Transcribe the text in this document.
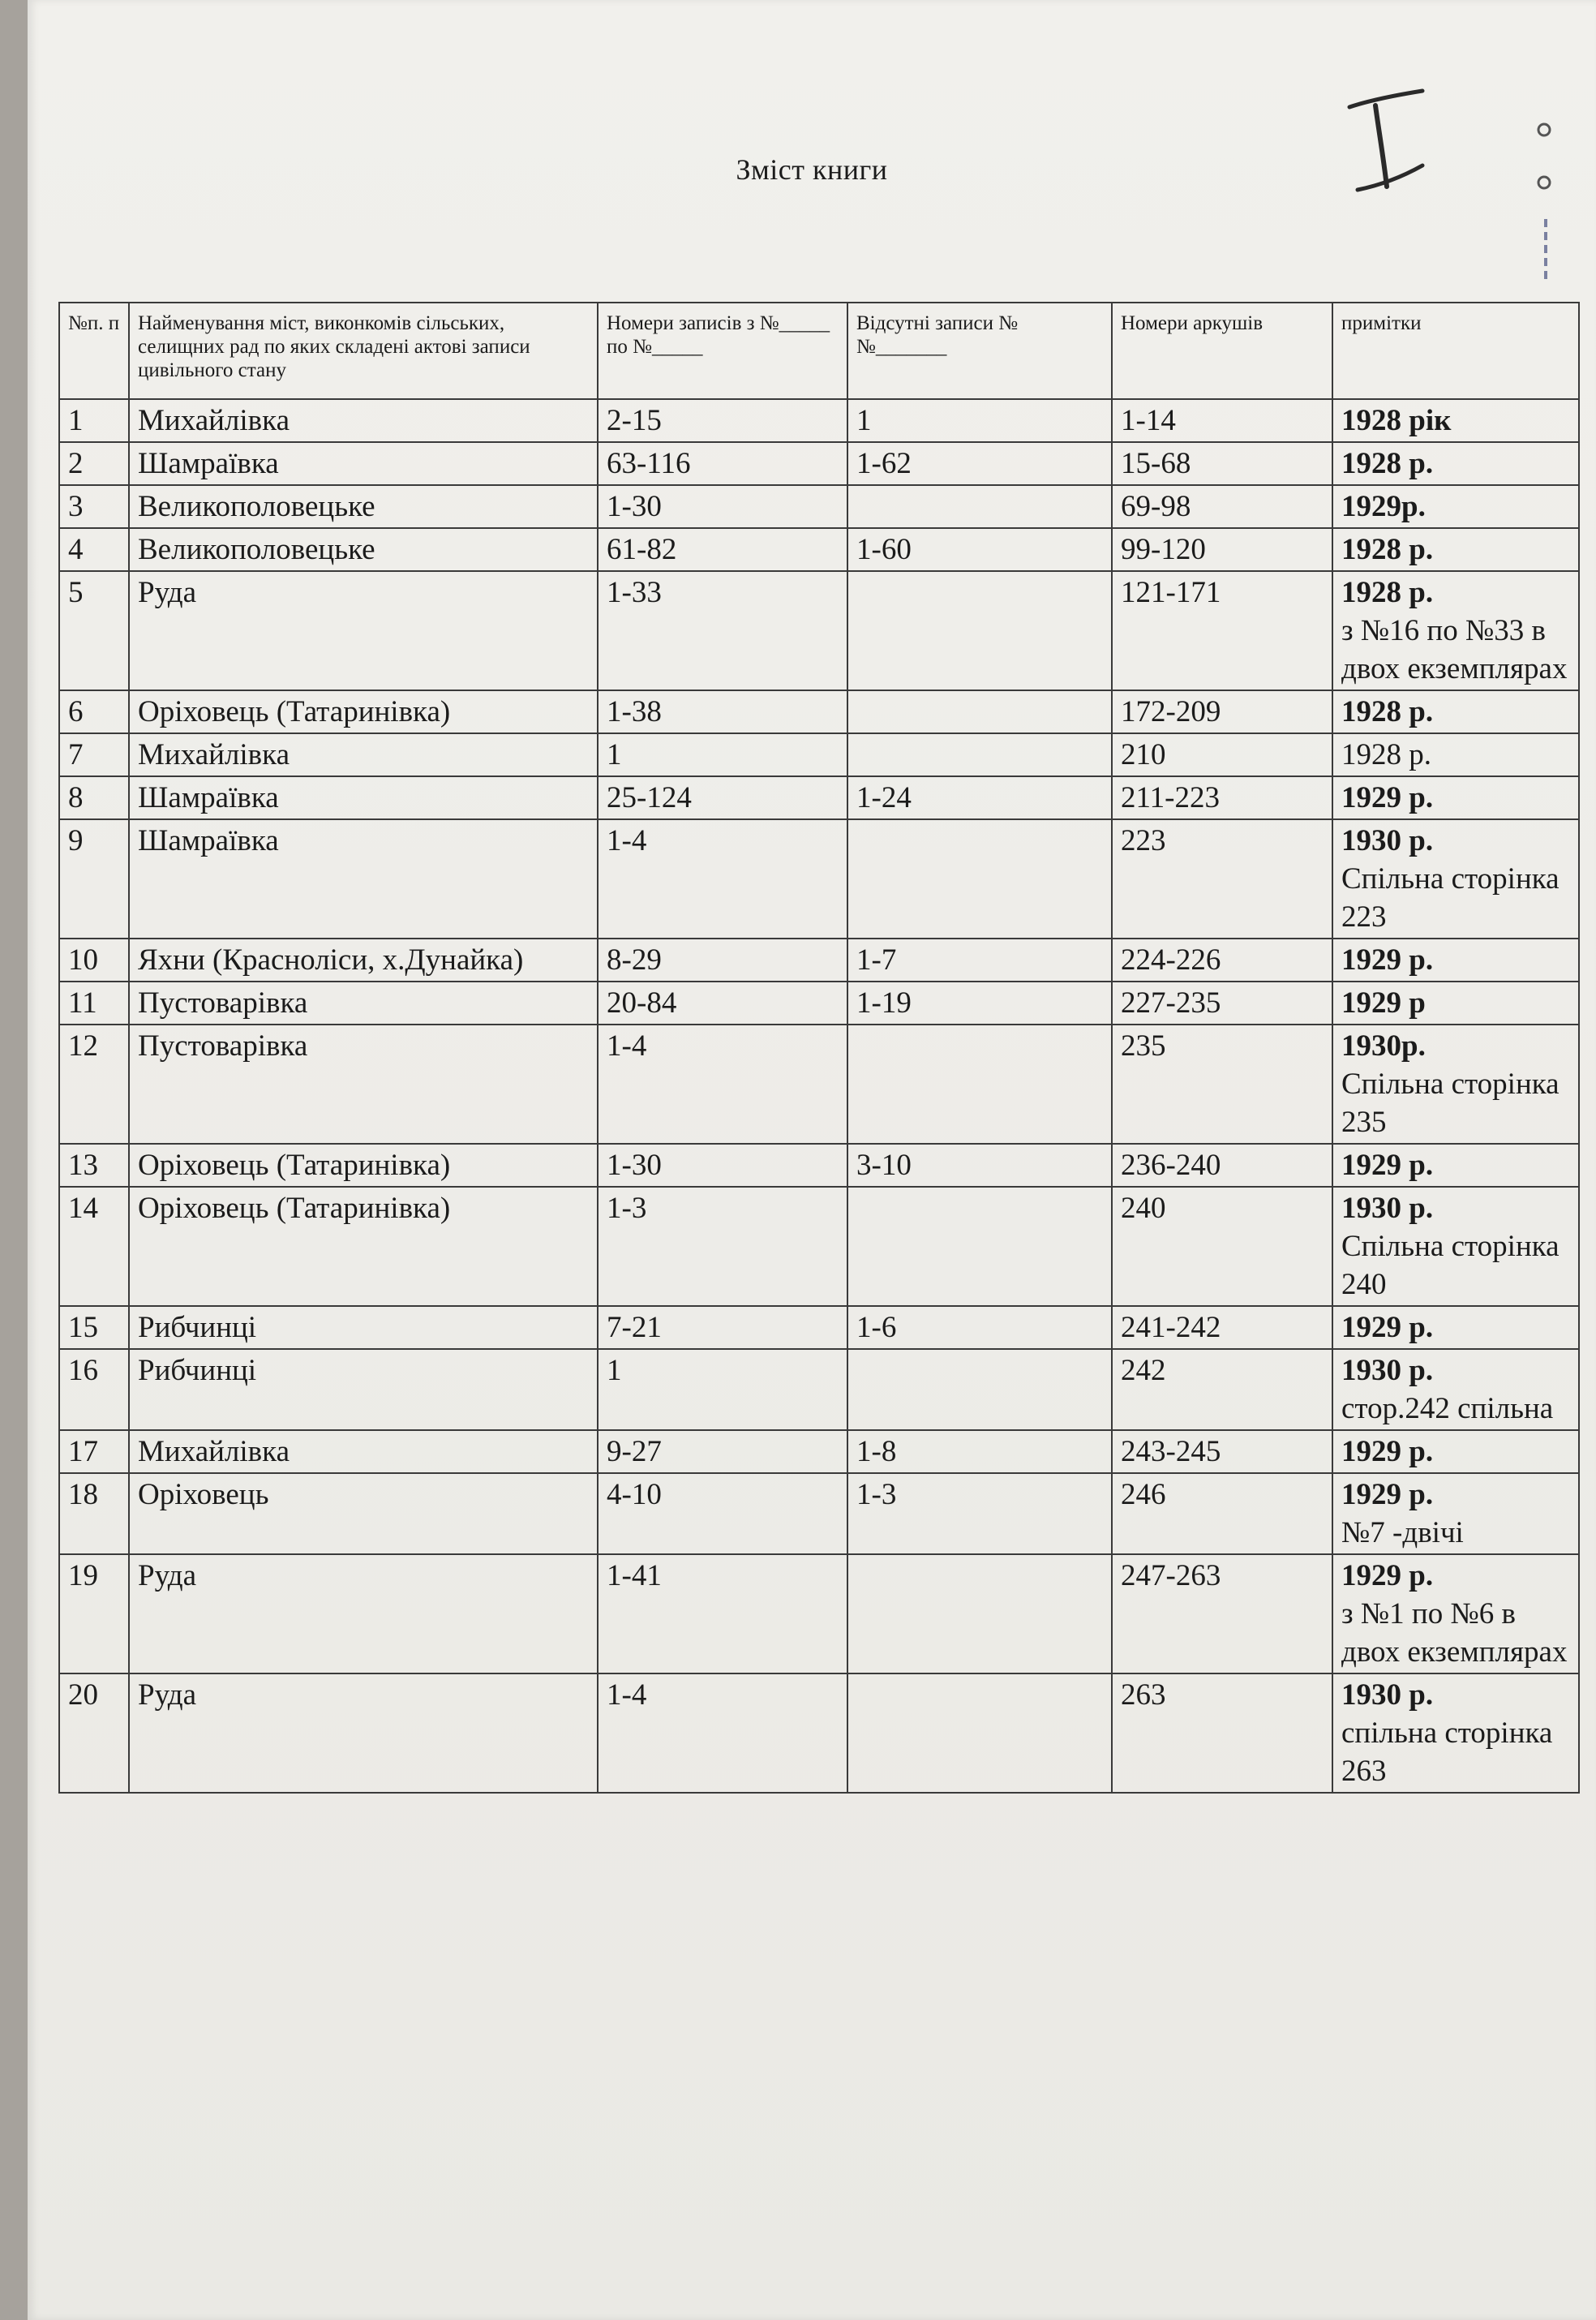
Зміст книги
№п. п	Найменування міст, виконкомів сільських, селищних рад по яких складені актові записи цивільного стану	Номери записів з №_____ по №_____	Відсутні записи №№_______	Номери аркушів	примітки
1	Михайлівка	2-15	1	1-14	1928 рік

2	Шамраївка	63-116	1-62	15-68	1928 р.

3	Великополовецьке	1-30		69-98	1929р.

4	Великополовецьке	61-82	1-60	99-120	1928 р.

5	Руда	1-33		121-171	1928 р.
з №16 по №33 в двох екземплярах

6	Оріховець (Татаринівка)	1-38		172-209	1928 р.

7	Михайлівка	1		210	1928 р.

8	Шамраївка	25-124	1-24	211-223	1929 р.

9	Шамраївка	1-4		223	1930 р.
Спільна сторінка 223

10	Яхни (Красноліси, х.Дунайка)	8-29	1-7	224-226	1929 р.

11	Пустоварівка	20-84	1-19	227-235	1929 р

12	Пустоварівка	1-4		235	1930р.
Спільна сторінка 235

13	Оріховець (Татаринівка)	1-30	3-10	236-240	1929 р.

14	Оріховець (Татаринівка)	1-3		240	1930 р.
Спільна сторінка 240

15	Рибчинці	7-21	1-6	241-242	1929 р.

16	Рибчинці	1		242	1930 р.
стор.242 спільна

17	Михайлівка	9-27	1-8	243-245	1929 р.

18	Оріховець	4-10	1-3	246	1929 р.
№7 -двічі

19	Руда	1-41		247-263	1929 р.
з №1 по №6 в двох екземплярах

20	Руда	1-4		263	1930 р.
спільна сторінка 263
